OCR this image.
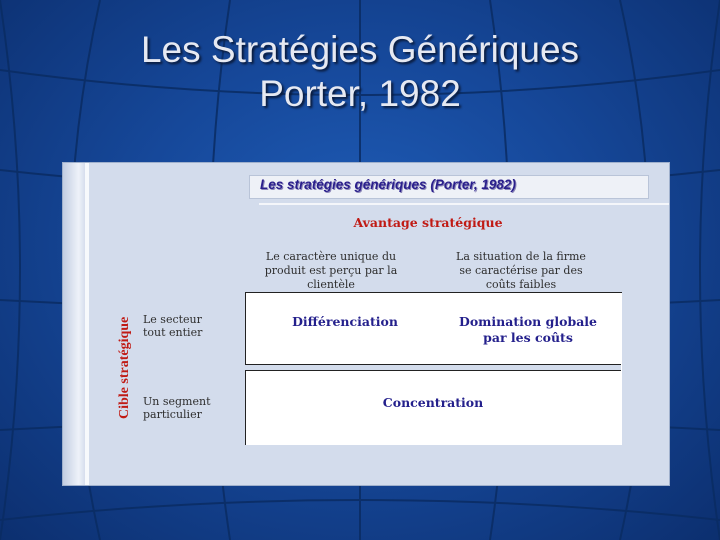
Les Stratégies Génériques
Porter, 1982
Les stratégies génériques (Porter, 1982)
Avantage stratégique
Le caractère unique du
produit est perçu par la
clientèle
La situation de la firme
se caractérise par des
coûts faibles
Différenciation	Domination globale
par les coûts
Concentration
Le secteur
tout entier
Un segment
particulier
Cible stratégique
